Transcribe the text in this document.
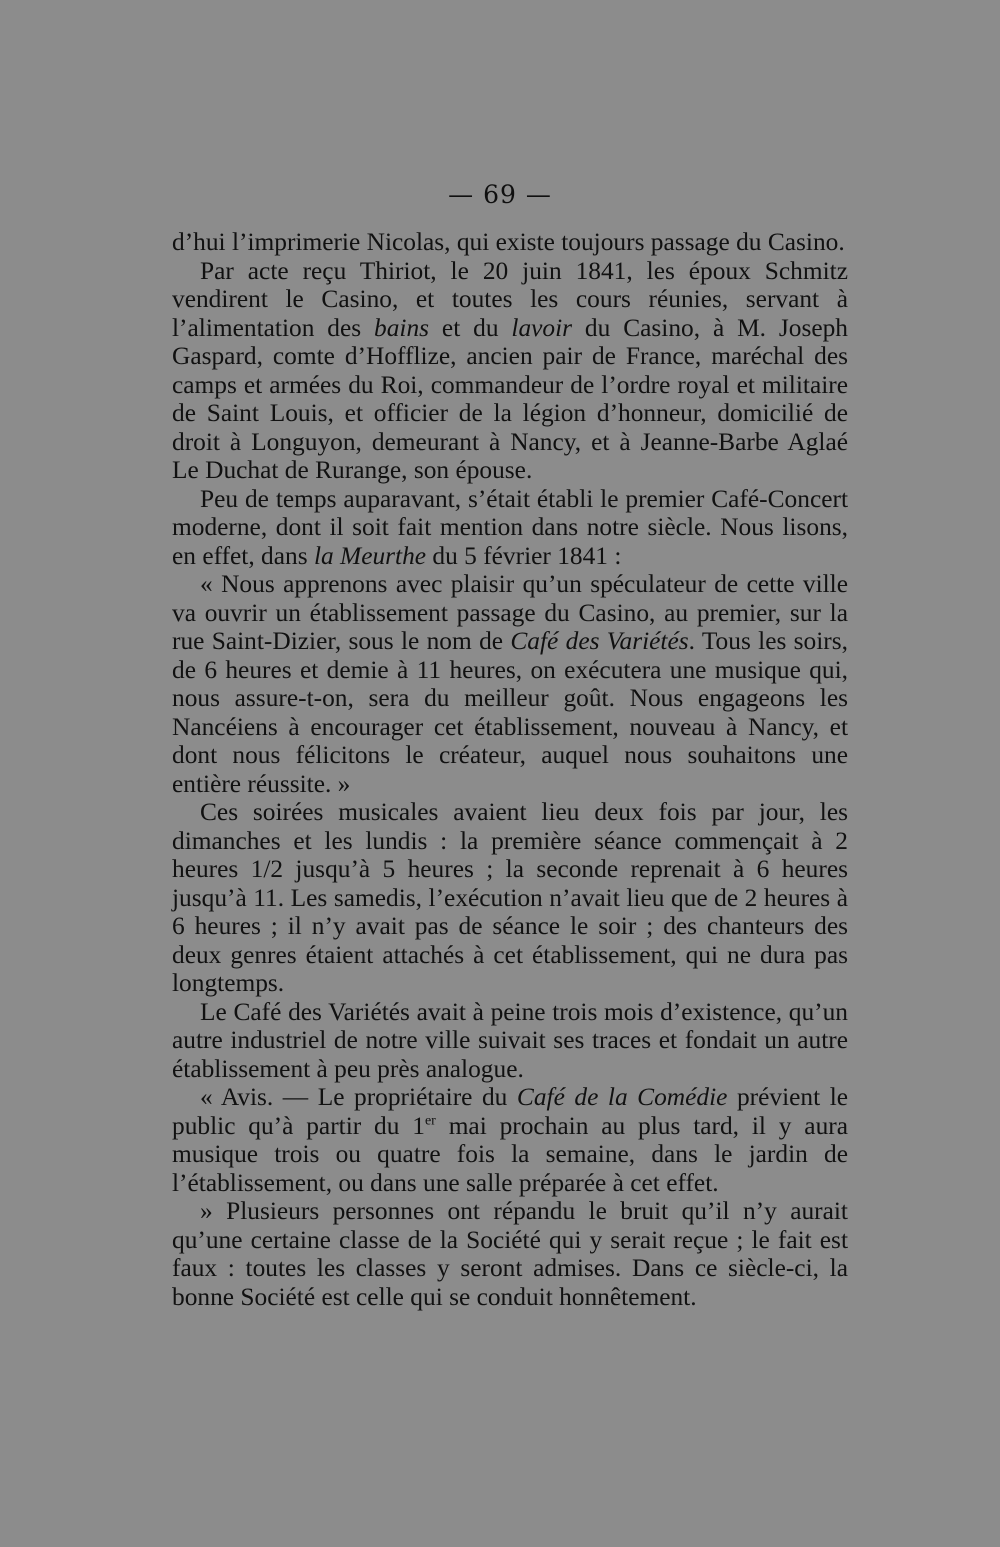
— 69 —

d’hui l’imprimerie Nicolas, qui existe toujours passage du Casino.

Par acte reçu Thiriot, le 20 juin 1841, les époux Schmitz vendirent le Casino, et toutes les cours réunies, servant à l’alimentation des bains et du lavoir du Casino, à M. Joseph Gaspard, comte d’Hofflize, ancien pair de France, maréchal des camps et armées du Roi, commandeur de l’ordre royal et militaire de Saint Louis, et officier de la légion d’honneur, domicilié de droit à Longuyon, demeurant à Nancy, et à Jeanne-Barbe Aglaé Le Duchat de Rurange, son épouse.

Peu de temps auparavant, s’était établi le premier Café-Concert moderne, dont il soit fait mention dans notre siècle. Nous lisons, en effet, dans la Meurthe du 5 février 1841 :

« Nous apprenons avec plaisir qu’un spéculateur de cette ville va ouvrir un établissement passage du Casino, au premier, sur la rue Saint-Dizier, sous le nom de Café des Variétés. Tous les soirs, de 6 heures et demie à 11 heures, on exécutera une musique qui, nous assure-t-on, sera du meilleur goût. Nous engageons les Nancéiens à encourager cet établissement, nouveau à Nancy, et dont nous félicitons le créateur, auquel nous souhaitons une entière réussite. »

Ces soirées musicales avaient lieu deux fois par jour, les dimanches et les lundis : la première séance commençait à 2 heures 1/2 jusqu’à 5 heures ; la seconde reprenait à 6 heures jusqu’à 11. Les samedis, l’exécution n’avait lieu que de 2 heures à 6 heures ; il n’y avait pas de séance le soir ; des chanteurs des deux genres étaient attachés à cet établissement, qui ne dura pas longtemps.

Le Café des Variétés avait à peine trois mois d’existence, qu’un autre industriel de notre ville suivait ses traces et fondait un autre établissement à peu près analogue.

« Avis. — Le propriétaire du Café de la Comédie prévient le public qu’à partir du 1er mai prochain au plus tard, il y aura musique trois ou quatre fois la semaine, dans le jardin de l’établissement, ou dans une salle préparée à cet effet.

» Plusieurs personnes ont répandu le bruit qu’il n’y aurait qu’une certaine classe de la Société qui y serait reçue ; le fait est faux : toutes les classes y seront admises. Dans ce siècle-ci, la bonne Société est celle qui se conduit honnêtement.
